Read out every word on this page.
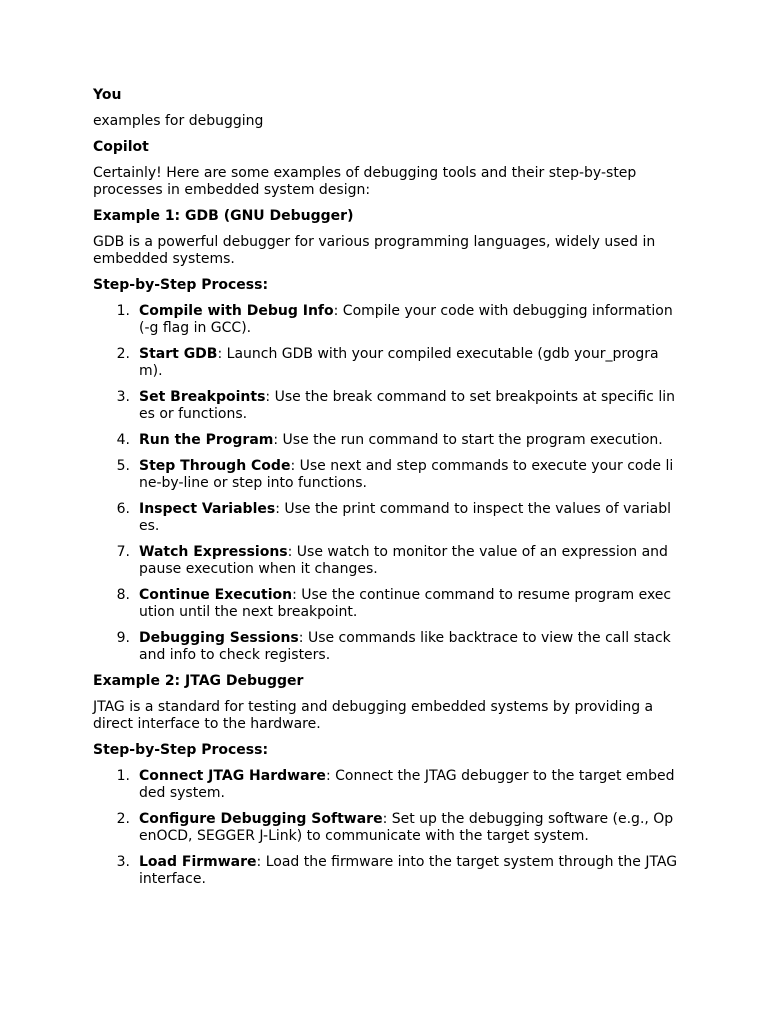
You

examples for debugging

Copilot

Certainly! Here are some examples of debugging tools and their step-by-step processes in embedded system design:

Example 1: GDB (GNU Debugger)

GDB is a powerful debugger for various programming languages, widely used in embedded systems.

Step-by-Step Process:

1. Compile with Debug Info: Compile your code with debugging information (-g flag in GCC).
2. Start GDB: Launch GDB with your compiled executable (gdb your_program).
3. Set Breakpoints: Use the break command to set breakpoints at specific lines or functions.
4. Run the Program: Use the run command to start the program execution.
5. Step Through Code: Use next and step commands to execute your code line-by-line or step into functions.
6. Inspect Variables: Use the print command to inspect the values of variables.
7. Watch Expressions: Use watch to monitor the value of an expression and pause execution when it changes.
8. Continue Execution: Use the continue command to resume program execution until the next breakpoint.
9. Debugging Sessions: Use commands like backtrace to view the call stack and info to check registers.

Example 2: JTAG Debugger

JTAG is a standard for testing and debugging embedded systems by providing a direct interface to the hardware.

Step-by-Step Process:

1. Connect JTAG Hardware: Connect the JTAG debugger to the target embedded system.
2. Configure Debugging Software: Set up the debugging software (e.g., OpenOCD, SEGGER J-Link) to communicate with the target system.
3. Load Firmware: Load the firmware into the target system through the JTAG interface.
